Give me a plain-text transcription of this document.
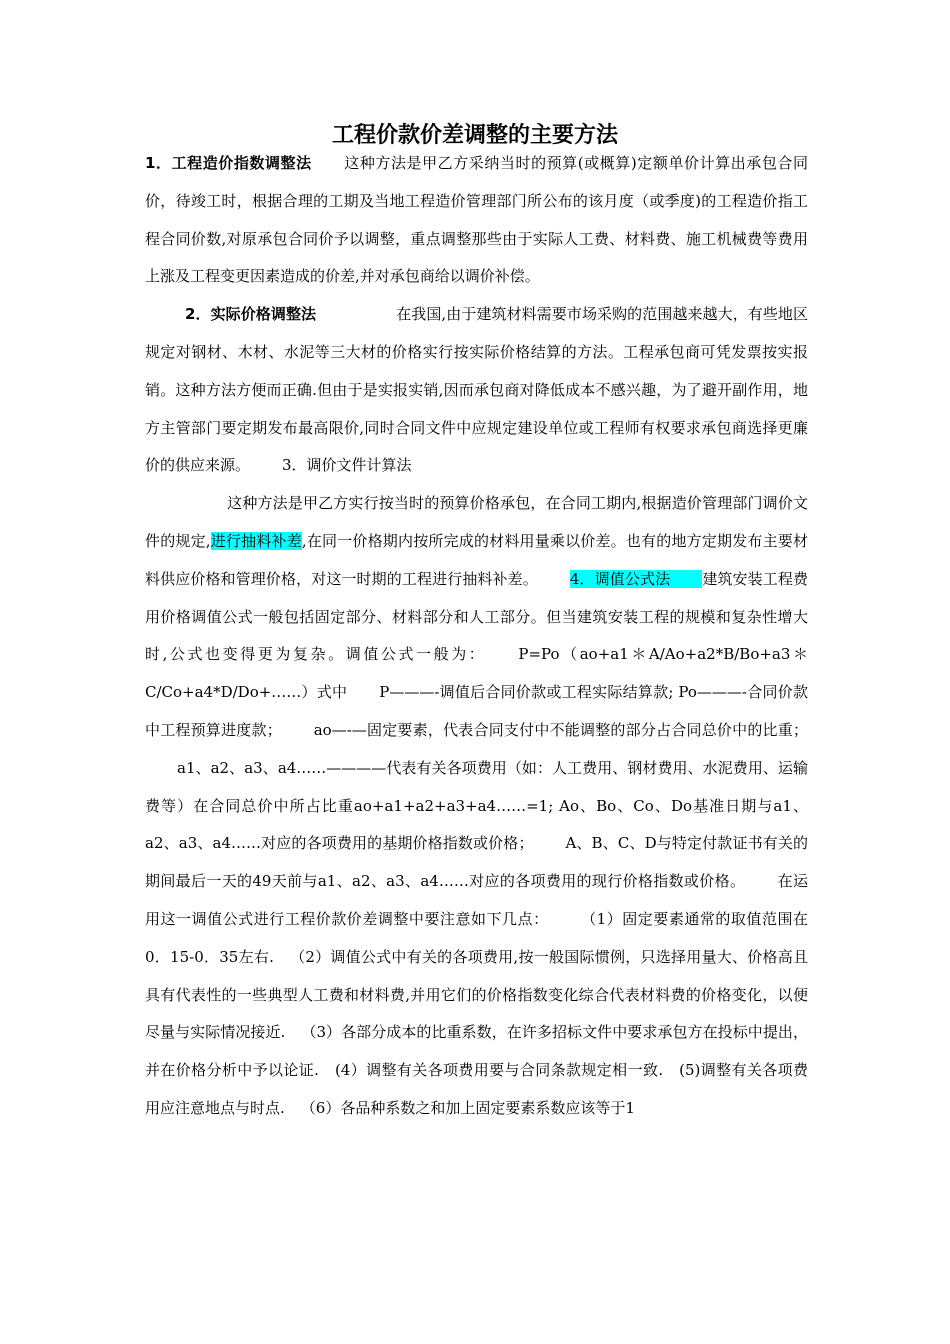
工程价款价差调整的主要方法

1．工程造价指数调整法 这种方法是甲乙方采纳当时的预算(或概算)定额单价计算出承包合同价，待竣工时，根据合理的工期及当地工程造价管理部门所公布的该月度（或季度)的工程造价指工程合同价数,对原承包合同价予以调整，重点调整那些由于实际人工费、材料费、施工机械费等费用上涨及工程变更因素造成的价差,并对承包商给以调价补偿。

2．实际价格调整法	在我国,由于建筑材料需要市场采购的范围越来越大，有些地区规定对钢材、木材、水泥等三大材的价格实行按实际价格结算的方法。工程承包商可凭发票按实报销。这种方法方便而正确.但由于是实报实销,因而承包商对降低成本不感兴趣，为了避开副作用，地方主管部门要定期发布最高限价,同时合同文件中应规定建设单位或工程师有权要求承包商选择更廉价的供应来源。 3．调价文件计算法

这种方法是甲乙方实行按当时的预算价格承包，在合同工期内,根据造价管理部门调价文件的规定,进行抽料补差,在同一价格期内按所完成的材料用量乘以价差。也有的地方定期发布主要材料供应价格和管理价格，对这一时期的工程进行抽料补差。 4．调值公式法 建筑安装工程费用价格调值公式一般包括固定部分、材料部分和人工部分。但当建筑安装工程的规模和复杂性增大时,公式也变得更为复杂。调值公式一般为： P=Po（ao+a1＊A/Ao+a2*B/Bo+a3＊C/Co+a4*D/Do+……）式中 P———-调值后合同价款或工程实际结算款; Po———-合同价款中工程预算进度款； ao—-—固定要素，代表合同支付中不能调整的部分占合同总价中的比重；a1、a2、a3、a4……————代表有关各项费用（如：人工费用、钢材费用、水泥费用、运输费等）在合同总价中所占比重ao+a1+a2+a3+a4……=1; Ao、Bo、Co、Do基准日期与a1、a2、a3、a4……对应的各项费用的基期价格指数或价格； A、B、C、D与特定付款证书有关的期间最后一天的49天前与a1、a2、a3、a4……对应的各项费用的现行价格指数或价格。 在运用这一调值公式进行工程价款价差调整中要注意如下几点： （1）固定要素通常的取值范围在0．15-0．35左右. （2）调值公式中有关的各项费用,按一般国际惯例，只选择用量大、价格高且具有代表性的一些典型人工费和材料费,并用它们的价格指数变化综合代表材料费的价格变化，以便尽量与实际情况接近. （3）各部分成本的比重系数，在许多招标文件中要求承包方在投标中提出，并在价格分析中予以论证. (4）调整有关各项费用要与合同条款规定相一致. (5)调整有关各项费用应注意地点与时点. （6）各品种系数之和加上固定要素系数应该等于1
